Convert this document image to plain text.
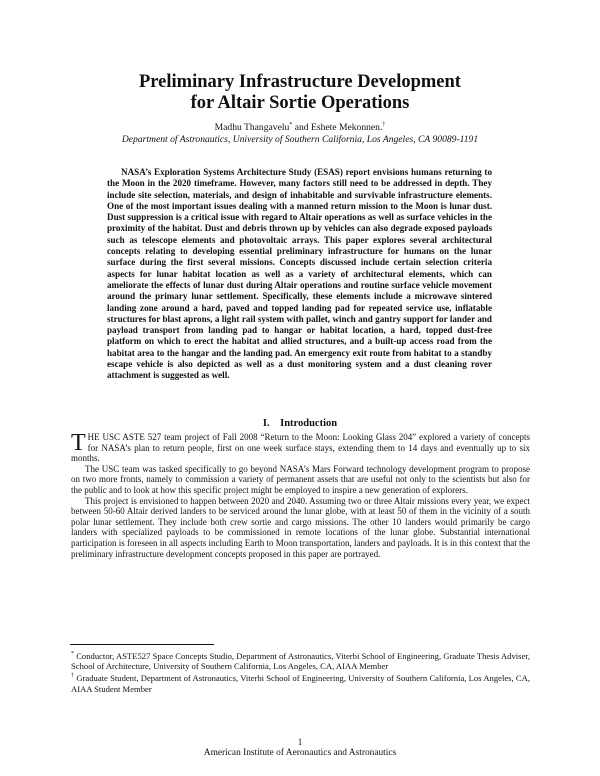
Preliminary Infrastructure Development
for Altair Sortie Operations
Madhu Thangavelu* and Eshete Mekonnen.†
Department of Astronautics, University of Southern California, Los Angeles, CA 90089-1191

NASA’s Exploration Systems Architecture Study (ESAS) report envisions humans returning to the Moon in the 2020 timeframe. However, many factors still need to be addressed in depth. They include site selection, materials, and design of inhabitable and survivable infrastructure elements. One of the most important issues dealing with a manned return mission to the Moon is lunar dust. Dust suppression is a critical issue with regard to Altair operations as well as surface vehicles in the proximity of the habitat. Dust and debris thrown up by vehicles can also degrade exposed payloads such as telescope elements and photovoltaic arrays. This paper explores several architectural concepts relating to developing essential preliminary infrastructure for humans on the lunar surface during the first several missions. Concepts discussed include certain selection criteria aspects for lunar habitat location as well as a variety of architectural elements, which can ameliorate the effects of lunar dust during Altair operations and routine surface vehicle movement around the primary lunar settlement. Specifically, these elements include a microwave sintered landing zone around a hard, paved and topped landing pad for repeated service use, inflatable structures for blast aprons, a light rail system with pallet, winch and gantry support for lander and payload transport from landing pad to hangar or habitat location, a hard, topped dust-free platform on which to erect the habitat and allied structures, and a built-up access road from the habitat area to the hangar and the landing pad. An emergency exit route from habitat to a standby escape vehicle is also depicted as well as a dust monitoring system and a dust cleaning rover attachment is suggested as well.

I. Introduction

THE USC ASTE 527 team project of Fall 2008 “Return to the Moon: Looking Glass 204” explored a variety of concepts for NASA’s plan to return people, first on one week surface stays, extending them to 14 days and eventually up to six months.

The USC team was tasked specifically to go beyond NASA’s Mars Forward technology development program to propose on two more fronts, namely to commission a variety of permanent assets that are useful not only to the scientists but also for the public and to look at how this specific project might be employed to inspire a new generation of explorers.

This project is envisioned to happen between 2020 and 2040. Assuming two or three Altair missions every year, we expect between 50-60 Altair derived landers to be serviced around the lunar globe, with at least 50 of them in the vicinity of a south polar lunar settlement. They include both crew sortie and cargo missions. The other 10 landers would primarily be cargo landers with specialized payloads to be commissioned in remote locations of the lunar globe. Substantial international participation is foreseen in all aspects including Earth to Moon transportation, landers and payloads. It is in this context that the preliminary infrastructure development concepts proposed in this paper are portrayed.

* Conductor, ASTE527 Space Concepts Studio, Department of Astronautics, Viterbi School of Engineering, Graduate Thesis Adviser, School of Architecture, University of Southern California, Los Angeles, CA, AIAA Member

† Graduate Student, Department of Astronautics, Viterbi School of Engineering, University of Southern California, Los Angeles, CA, AIAA Student Member

1
American Institute of Aeronautics and Astronautics
